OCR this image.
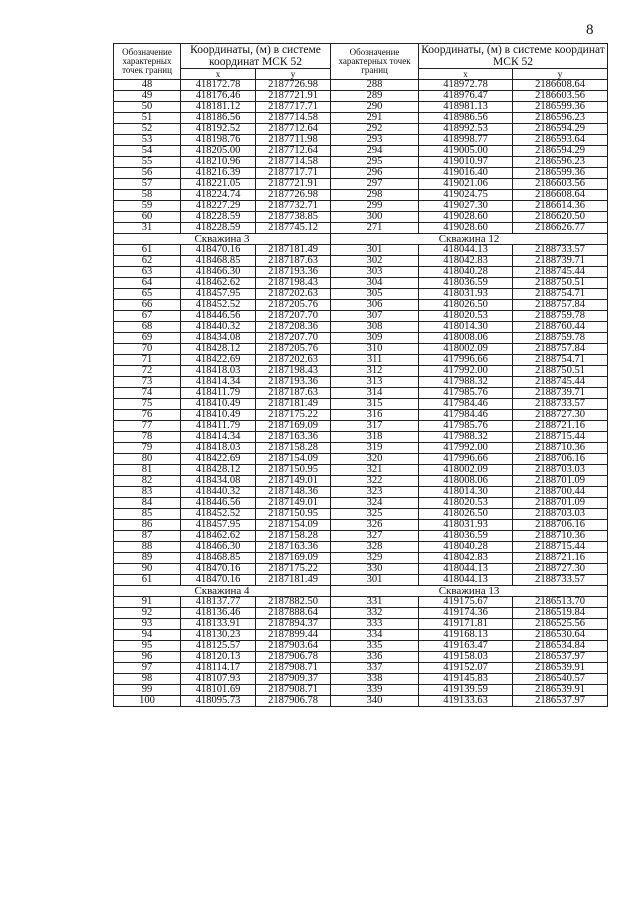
8
Обозначение характерных точек границ	Координаты, (м) в системе координат МСК 52		Обозначение характерных точек границ	Координаты, (м) в системе координат МСК 52	
	x	y		x	y
48	418172.78	2187726.98	288	418972.78	2186608.64
49	418176.46	2187721.91	289	418976.47	2186603.56
50	418181.12	2187717.71	290	418981.13	2186599.36
51	418186.56	2187714.58	291	418986.56	2186596.23
52	418192.52	2187712.64	292	418992.53	2186594.29
53	418198.76	2187711.98	293	418998.77	2186593.64
54	418205.00	2187712.64	294	419005.00	2186594.29
55	418210.96	2187714.58	295	419010.97	2186596.23
56	418216.39	2187717.71	296	419016.40	2186599.36
57	418221.05	2187721.91	297	419021.06	2186603.56
58	418224.74	2187726.98	298	419024.75	2186608.64
59	418227.29	2187732.71	299	419027.30	2186614.36
60	418228.59	2187738.85	300	419028.60	2186620.50
31	418228.59	2187745.12	271	419028.60	2186626.77
Скважина 3			Скважина 12		
61	418470.16	2187181.49	301	418044.13	2188733.57
62	418468.85	2187187.63	302	418042.83	2188739.71
63	418466.30	2187193.36	303	418040.28	2188745.44
64	418462.62	2187198.43	304	418036.59	2188750.51
65	418457.95	2187202.63	305	418031.93	2188754.71
66	418452.52	2187205.76	306	418026.50	2188757.84
67	418446.56	2187207.70	307	418020.53	2188759.78
68	418440.32	2187208.36	308	418014.30	2188760.44
69	418434.08	2187207.70	309	418008.06	2188759.78
70	418428.12	2187205.76	310	418002.09	2188757.84
71	418422.69	2187202.63	311	417996.66	2188754.71
72	418418.03	2187198.43	312	417992.00	2188750.51
73	418414.34	2187193.36	313	417988.32	2188745.44
74	418411.79	2187187.63	314	417985.76	2188739.71
75	418410.49	2187181.49	315	417984.46	2188733.57
76	418410.49	2187175.22	316	417984.46	2188727.30
77	418411.79	2187169.09	317	417985.76	2188721.16
78	418414.34	2187163.36	318	417988.32	2188715.44
79	418418.03	2187158.28	319	417992.00	2188710.36
80	418422.69	2187154.09	320	417996.66	2188706.16
81	418428.12	2187150.95	321	418002.09	2188703.03
82	418434.08	2187149.01	322	418008.06	2188701.09
83	418440.32	2187148.36	323	418014.30	2188700.44
84	418446.56	2187149.01	324	418020.53	2188701.09
85	418452.52	2187150.95	325	418026.50	2188703.03
86	418457.95	2187154.09	326	418031.93	2188706.16
87	418462.62	2187158.28	327	418036.59	2188710.36
88	418466.30	2187163.36	328	418040.28	2188715.44
89	418468.85	2187169.09	329	418042.83	2188721.16
90	418470.16	2187175.22	330	418044.13	2188727.30
61	418470.16	2187181.49	301	418044.13	2188733.57
Скважина 4			Скважина 13		
91	418137.77	2187882.50	331	419175.67	2186513.70
92	418136.46	2187888.64	332	419174.36	2186519.84
93	418133.91	2187894.37	333	419171.81	2186525.56
94	418130.23	2187899.44	334	419168.13	2186530.64
95	418125.57	2187903.64	335	419163.47	2186534.84
96	418120.13	2187906.78	336	419158.03	2186537.97
97	418114.17	2187908.71	337	419152.07	2186539.91
98	418107.93	2187909.37	338	419145.83	2186540.57
99	418101.69	2187908.71	339	419139.59	2186539.91
100	418095.73	2187906.78	340	419133.63	2186537.97
